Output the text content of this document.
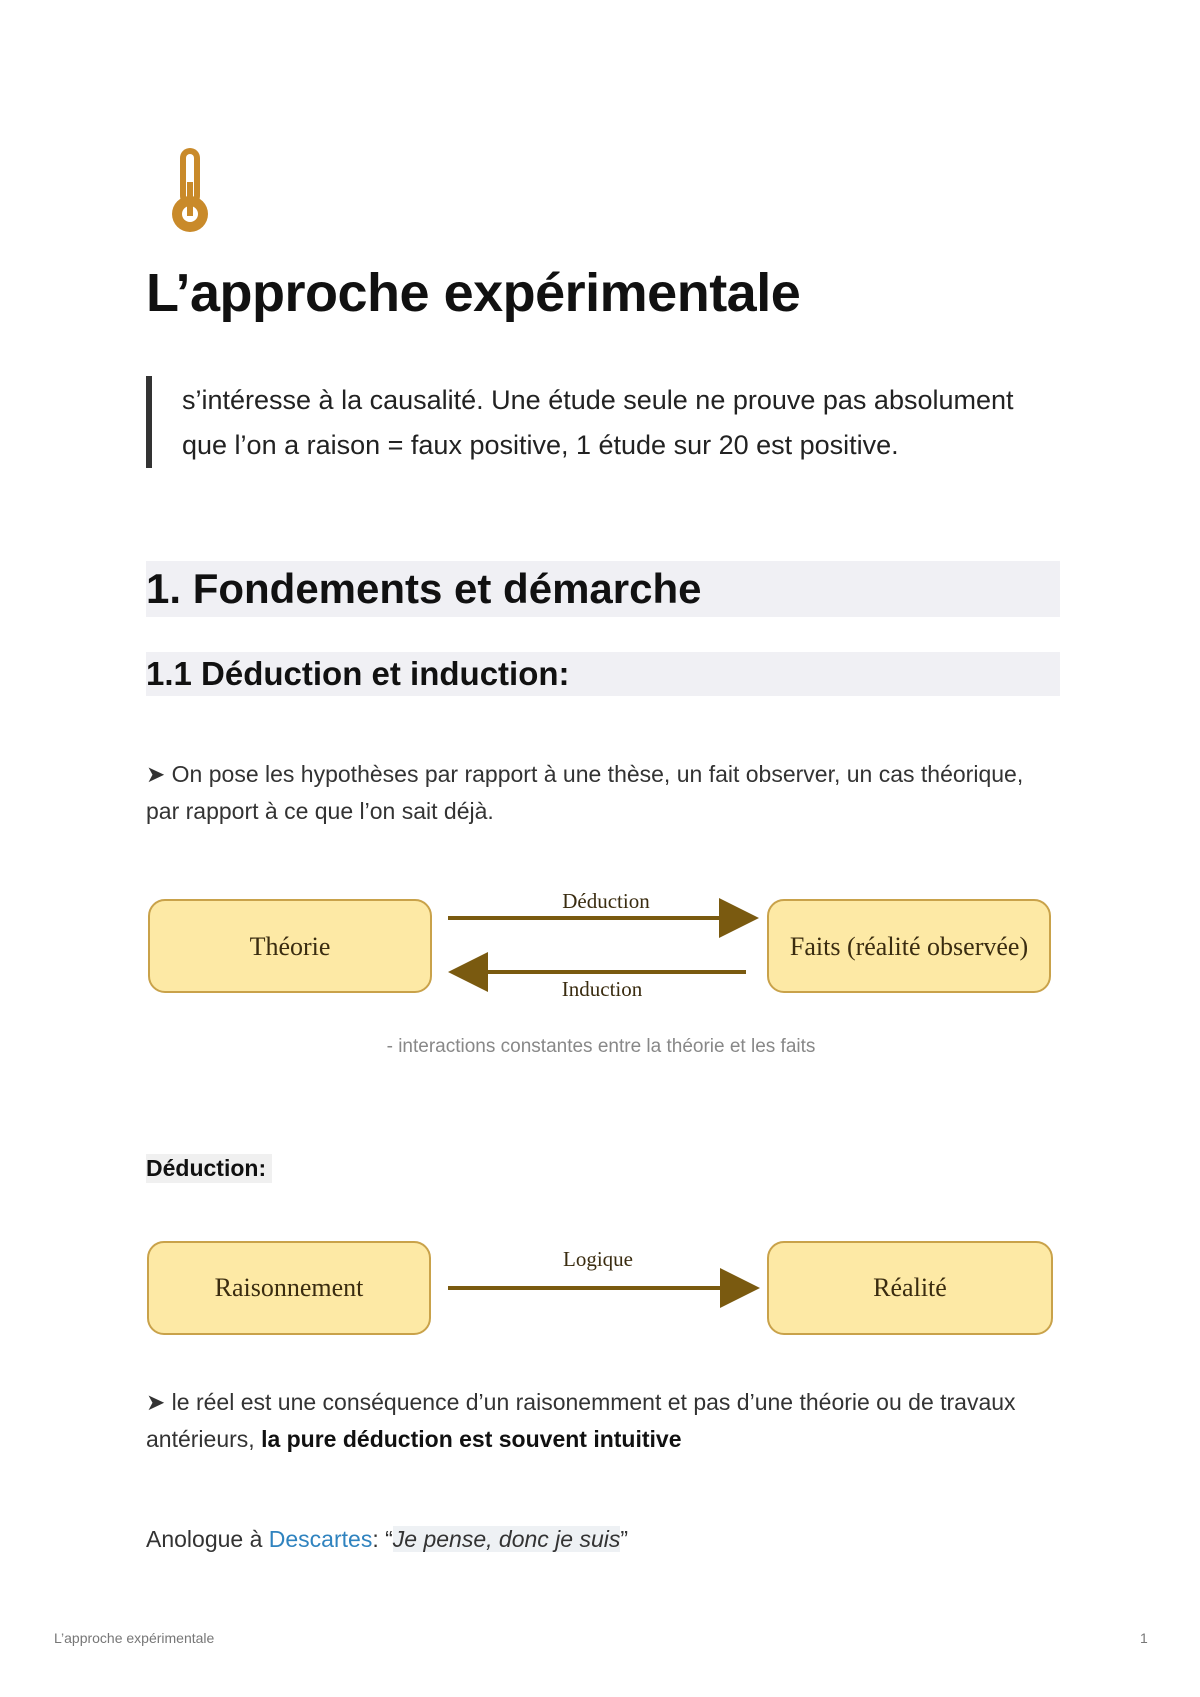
L’approche expérimentale

s’intéresse à la causalité. Une étude seule ne prouve pas absolument que l’on a raison = faux positive, 1 étude sur 20 est positive.

1. Fondements et démarche
1.1 Déduction et induction:

➤ On pose les hypothèses par rapport à une thèse, un fait observer, un cas théorique, par rapport à ce que l’on sait déjà.

Théorie	Faits (réalité observée)
Déduction
Induction
- interactions constantes entre la théorie et les faits
Déduction:
Raisonnement	Réalité
Logique

➤ le réel est une conséquence d’un raisonemment et pas d’une théorie ou de travaux antérieurs, la pure déduction est souvent intuitive

Anologue à Descartes: “Je pense, donc je suis”

L’approche expérimentale	1
